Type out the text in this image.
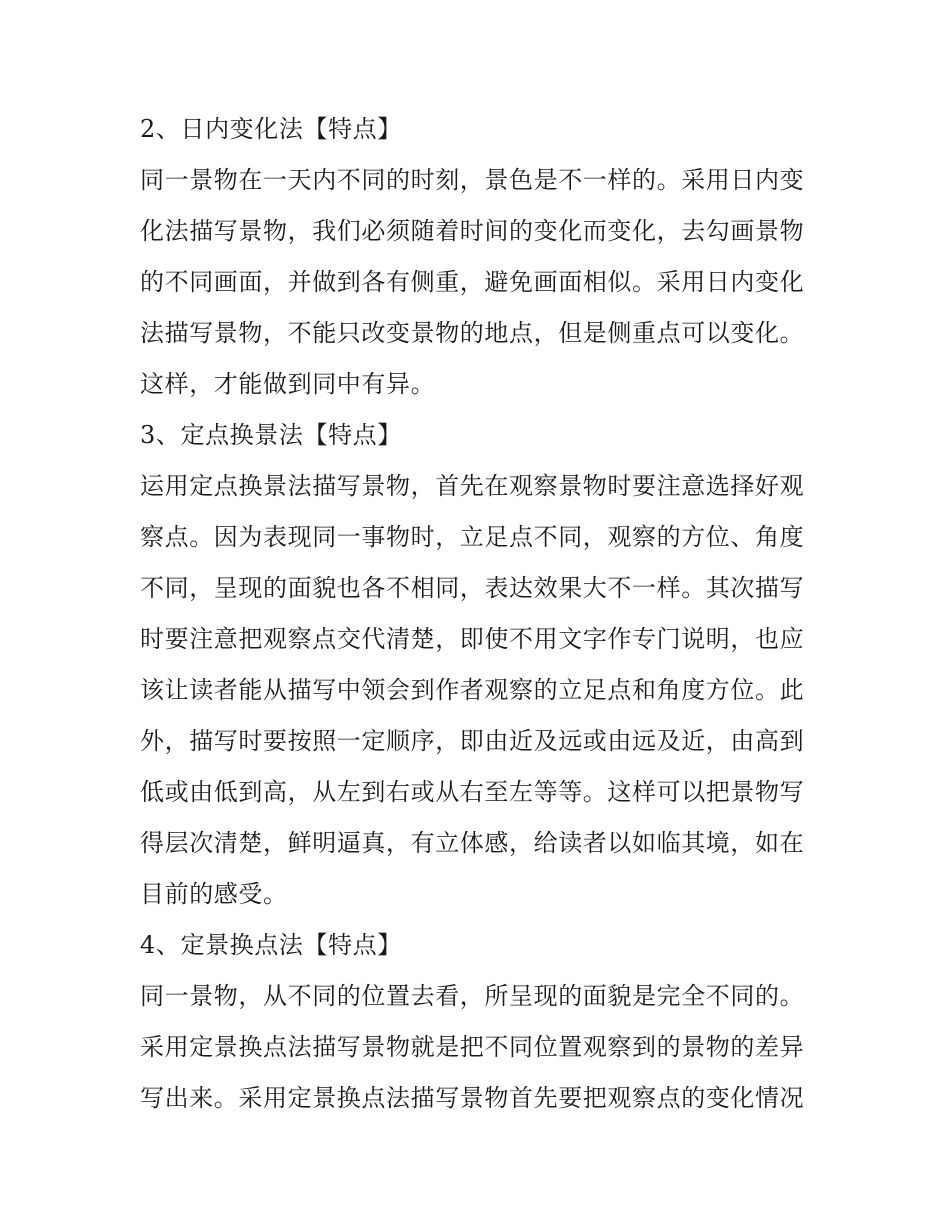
2、日内变化法【特点】
同一景物在一天内不同的时刻，景色是不一样的。采用日内变
化法描写景物，我们必须随着时间的变化而变化，去勾画景物
的不同画面，并做到各有侧重，避免画面相似。采用日内变化
法描写景物，不能只改变景物的地点，但是侧重点可以变化。
这样，才能做到同中有异。
3、定点换景法【特点】
运用定点换景法描写景物，首先在观察景物时要注意选择好观
察点。因为表现同一事物时，立足点不同，观察的方位、角度
不同，呈现的面貌也各不相同，表达效果大不一样。其次描写
时要注意把观察点交代清楚，即使不用文字作专门说明，也应
该让读者能从描写中领会到作者观察的立足点和角度方位。此
外，描写时要按照一定顺序，即由近及远或由远及近，由高到
低或由低到高，从左到右或从右至左等等。这样可以把景物写
得层次清楚，鲜明逼真，有立体感，给读者以如临其境，如在
目前的感受。
4、定景换点法【特点】
同一景物，从不同的位置去看，所呈现的面貌是完全不同的。
采用定景换点法描写景物就是把不同位置观察到的景物的差异
写出来。采用定景换点法描写景物首先要把观察点的变化情况
